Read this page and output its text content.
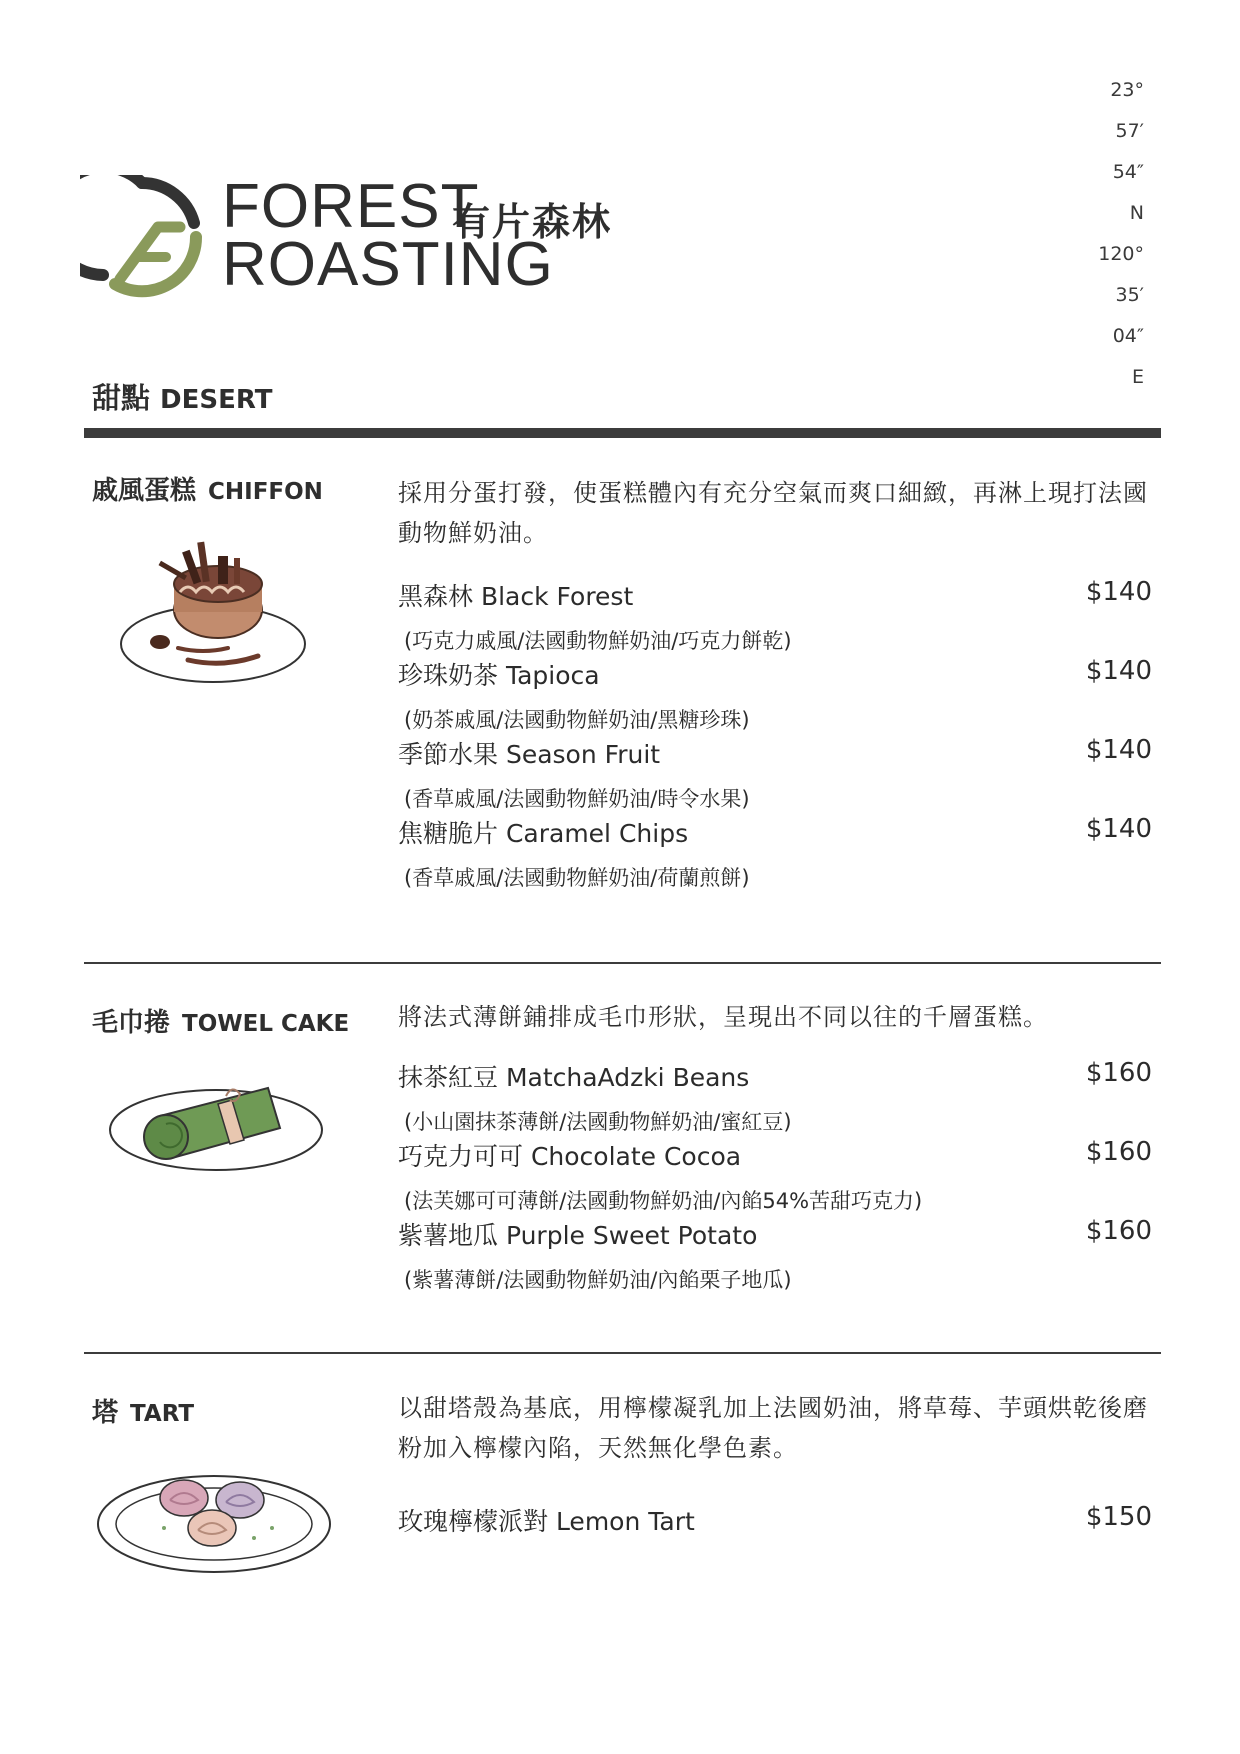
23°
57′
54″
N
120°
35′
04″
E
FOREST
ROASTING
有片森林
甜點 DESERT
戚風蛋糕 CHIFFON	採用分蛋打發，使蛋糕體內有充分空氣而爽口細緻，再淋上現打法國動物鮮奶油。
黑森林 Black Forest	$140
(巧克力戚風/法國動物鮮奶油/巧克力餅乾)
珍珠奶茶 Tapioca	$140
(奶茶戚風/法國動物鮮奶油/黑糖珍珠)
季節水果 Season Fruit	$140
(香草戚風/法國動物鮮奶油/時令水果)
焦糖脆片 Caramel Chips	$140
(香草戚風/法國動物鮮奶油/荷蘭煎餅)
毛巾捲 TOWEL CAKE 將法式薄餅鋪排成毛巾形狀，呈現出不同以往的千層蛋糕。
抹茶紅豆 MatchaAdzki Beans	$160
(小山園抹茶薄餅/法國動物鮮奶油/蜜紅豆)
巧克力可可 Chocolate Cocoa	$160
(法芙娜可可薄餅/法國動物鮮奶油/內餡54%苦甜巧克力)
紫薯地瓜 Purple Sweet Potato	$160
(紫薯薄餅/法國動物鮮奶油/內餡栗子地瓜)
塔 TART	以甜塔殼為基底，用檸檬凝乳加上法國奶油，將草莓、芋頭烘乾後磨粉加入檸檬內陷，天然無化學色素。
玫瑰檸檬派對 Lemon Tart	$150
